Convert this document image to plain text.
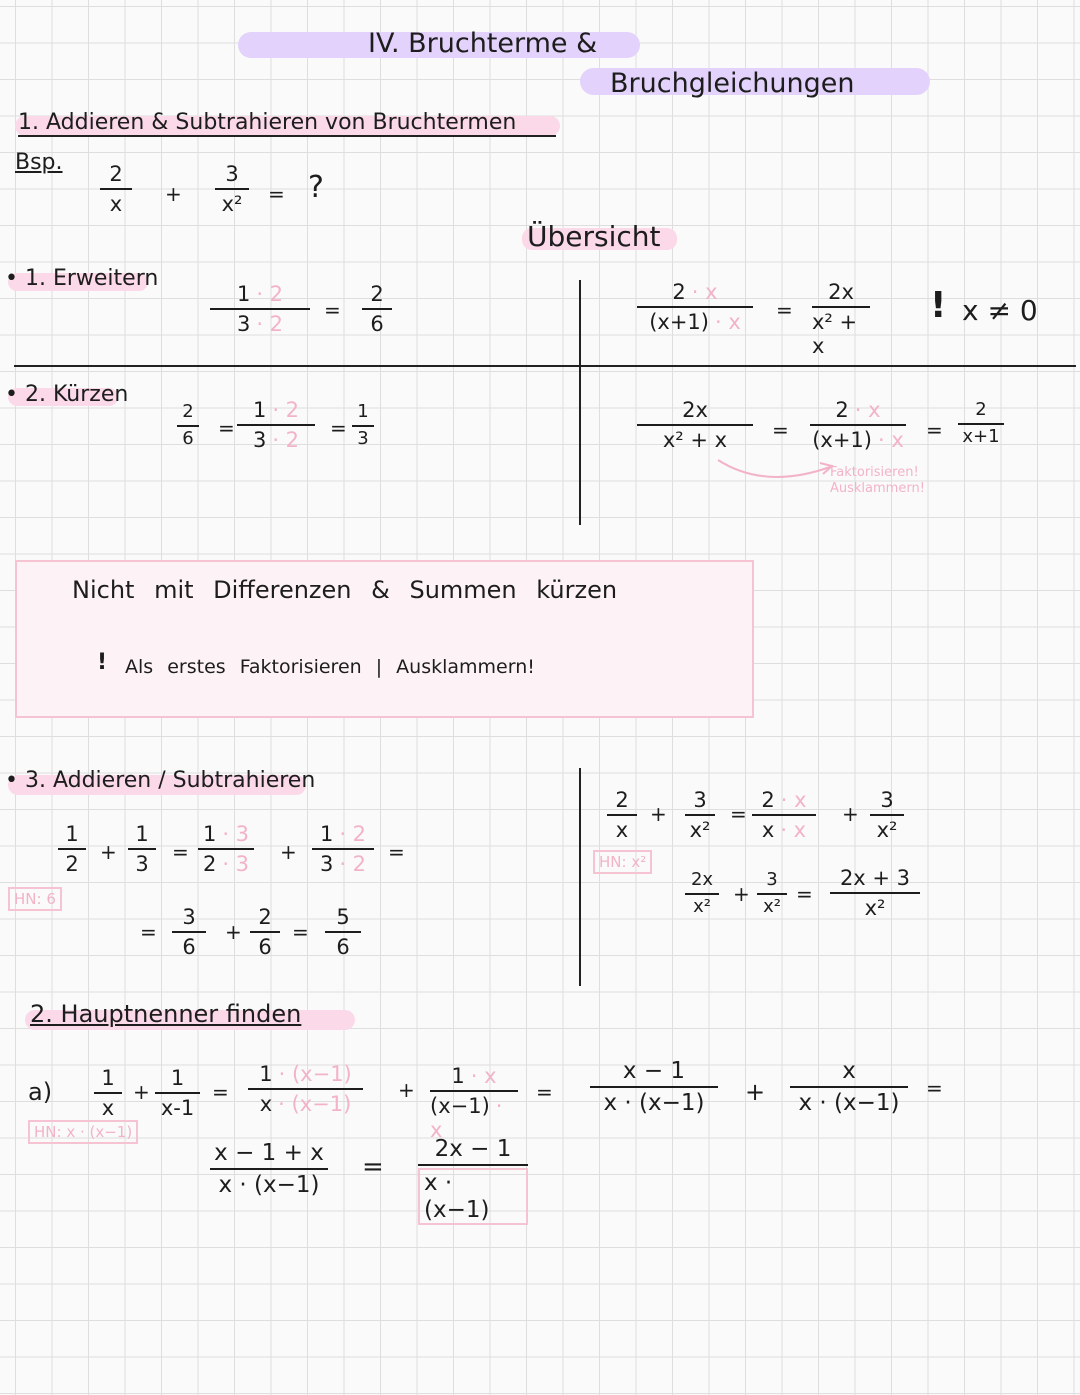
IV. Bruchterme &
Bruchgleichungen
1. Addieren & Subtrahieren von Bruchtermen
Bsp. 2
x +
3
x² = ?
Übersicht
• 1. Erweitern
1 · 2
3 · 2
=
2
6
2 · x
(x+1) · x
=
2x
x² + x
! x ≠ 0
• 2. Kürzen
2
6 =
1 · 2
3 · 2
=
1
3
2x
x² + x =
2 · x
(x+1) · x =
2
x+1
Faktorisieren!
Ausklammern!
Nicht mit Differenzen & Summen kürzen
! Als erstes Faktorisieren | Ausklammern!
• 3. Addieren / Subtrahieren
1
2
+
1
3
=
1 · 3
2 · 3
+
1 · 2
3 · 2
=
HN: 6
=
3
6
+
2
6
=
5
6
2
x
+
3
x²
=
2 · x
x · x
+
3
x²
HN: x²
2x
x²
+
3
x²
=
2x + 3
x²
2. Hauptnenner finden
a) 1
x
+
1
x-1
=
1 · (x−1)
x · (x−1)
+
1 · x
(x−1) · x
=
x − 1
x · (x−1) +
x
x · (x−1)
=
HN: x · (x−1)
x − 1 + x
x · (x−1)
= $\frac{2x - 1}{x \cdot (x-1)}$
